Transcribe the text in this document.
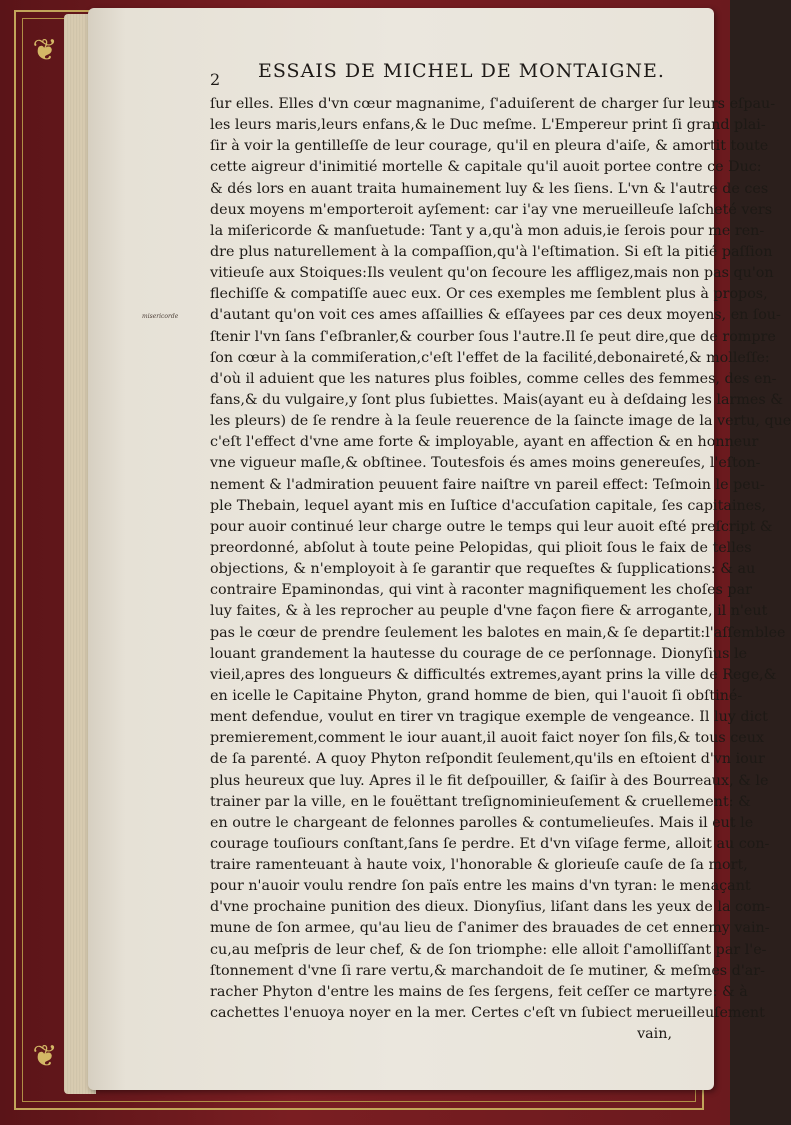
❦
❦
2 ESSAIS DE MICHEL DE MONTAIGNE.
misericorde
ſur elles. Elles d'vn cœur magnanime, ſ'aduiſerent de charger ſur leurs eſpau-
les leurs maris,leurs enfans,& le Duc meſme. L'Empereur print ſi grand plai-
ſir à voir la gentilleſſe de leur courage, qu'il en pleura d'aiſe, & amortit toute
cette aigreur d'inimitié mortelle & capitale qu'il auoit portee contre ce Duc:
& dés lors en auant traita humainement luy & les ſiens. L'vn & l'autre de ces
deux moyens m'emporteroit ayſement: car i'ay vne merueilleuſe laſcheté vers
la miſericorde & manſuetude: Tant y a,qu'à mon aduis,ie ſerois pour me ren-
dre plus naturellement à la compaſſion,qu'à l'eſtimation. Si eſt la pitié paſſion
vitieuſe aux Stoiques:Ils veulent qu'on ſecoure les affligez,mais non pas qu'on
flechiſſe & compatiſſe auec eux. Or ces exemples me ſemblent plus à propos,
d'autant qu'on voit ces ames aſſaillies & eſſayees par ces deux moyens, en ſou-
ſtenir l'vn ſans ſ'eſbranler,& courber ſous l'autre.Il ſe peut dire,que de rompre
ſon cœur à la commiſeration,c'eſt l'effet de la facilité,debonaireté,& molleſſe:
d'où il aduient que les natures plus foibles, comme celles des femmes, des en-
fans,& du vulgaire,y ſont plus ſubiettes. Mais(ayant eu à deſdaing les larmes &
les pleurs) de ſe rendre à la ſeule reuerence de la ſaincte image de la vertu, que
c'eſt l'effect d'vne ame forte & imployable, ayant en affection & en honneur
vne vigueur maſle,& obſtinee. Toutesfois és ames moins genereuſes, l'eſton-
nement & l'admiration peuuent faire naiſtre vn pareil effect: Teſmoin le peu-
ple Thebain, lequel ayant mis en Iuſtice d'accuſation capitale, ſes capitaines,
pour auoir continué leur charge outre le temps qui leur auoit eſté preſcript &
preordonné, abſolut à toute peine Pelopidas, qui plioit ſous le faix de telles
objections, & n'employoit à ſe garantir que requeſtes & ſupplications: & au
contraire Epaminondas, qui vint à raconter magnifiquement les choſes par
luy faites, & à les reprocher au peuple d'vne façon fiere & arrogante, il n'eut
pas le cœur de prendre ſeulement les balotes en main,& ſe departit:l'aſſemblee
louant grandement la hautesse du courage de ce perſonnage. Dionyſius le
vieil,apres des longueurs & difficultés extremes,ayant prins la ville de Rege,&
en icelle le Capitaine Phyton, grand homme de bien, qui l'auoit ſi obſtiné-
ment defendue, voulut en tirer vn tragique exemple de vengeance. Il luy dict
premierement,comment le iour auant,il auoit faict noyer ſon fils,& tous ceux
de ſa parenté. A quoy Phyton reſpondit ſeulement,qu'ils en eſtoient d'vn iour
plus heureux que luy. Apres il le fit deſpouiller, & ſaiſir à des Bourreaux, & le
trainer par la ville, en le fouëttant treſignominieuſement & cruellement: &
en outre le chargeant de felonnes parolles & contumelieuſes. Mais il eut le
courage touſiours conſtant,ſans ſe perdre. Et d'vn viſage ferme, alloit au con-
traire ramenteuant à haute voix, l'honorable & glorieuſe cauſe de ſa mort,
pour n'auoir voulu rendre ſon païs entre les mains d'vn tyran: le menaçant
d'vne prochaine punition des dieux. Dionyſius, liſant dans les yeux de la com-
mune de ſon armee, qu'au lieu de ſ'animer des brauades de cet ennemy vain-
cu,au meſpris de leur chef, & de ſon triomphe: elle alloit ſ'amolliſſant par l'e-
ſtonnement d'vne ſi rare vertu,& marchandoit de ſe mutiner, & meſmes d'ar-
racher Phyton d'entre les mains de ſes ſergens, feit ceſſer ce martyre: & à
cachettes l'enuoya noyer en la mer. Certes c'eſt vn ſubiect merueilleuſement
vain,
